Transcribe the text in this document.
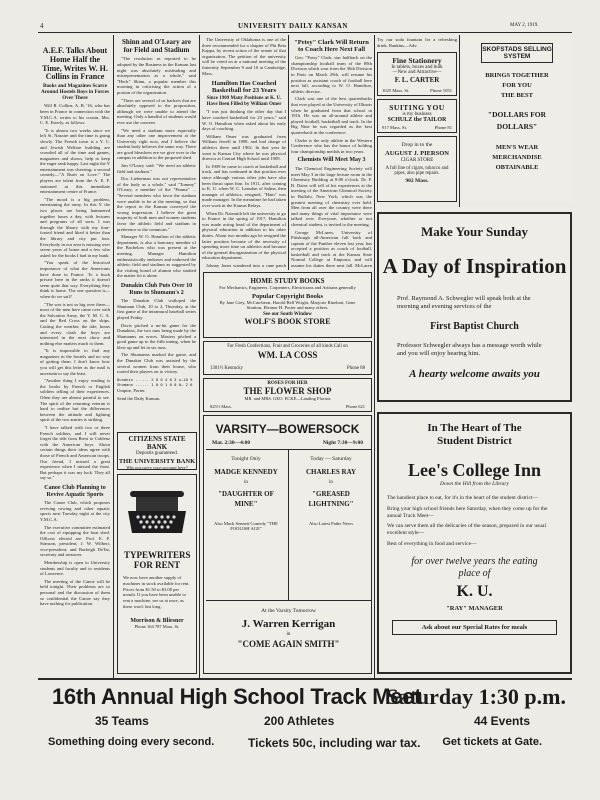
4	UNIVERSITY DAILY KANSAN	MAY 2, 1919.
A.E.F. Talks About Home Half the Time, Writes W. H. Collins in France
Books and Magazines Scarce Around Hostels Boys in Forces Over There

Will R. Collins, A. B. '16, who has been in France in connection with the Y.M.C.A. writes to his cousin, Mrs. C. E. Esterly, as follows:

"It is almost two weeks since we left St. Nazaire and the time is going slowly. The French town is a Y. C. and Jewish Welfare building are crowded all of the time and games, magazines and shows, help to keep the eager rank happy. Last night the Y entertainment was cheering; a second comedy—"A Rush on Love." The players are talent from the A. E. F. stationed at this immediate entertainment centre of France.

"The mood is a big problem, entertaining the army. In this Y. the two places are being hammered together hours a day, with lectures and programs of all sorts. I was through the library with my four-footed friend and liked it better than the library and city put four. Everybody in our area is missing over seven years of home and a few who asked for the books I had in my bunk.

"You speak of the historical importance of what the Americans have done in France. To a buck private here in the ranks it doesn't seem quite that way. Everything they think is home. The one question is—when do we sail?

"The war is not so big over there—most of the men here came over with the Salvation Army, the Y. M. C. A. and the Red Cross on the ships. Cutting the weather, the tide, hours and every clash the boys are interested in the next chow and nothing else matters much to them.

"It is impossible to find any magazines in the hostels and no way of getting them. I don't know how you will get this letter as the mail is uncertain to say the least.

"Another thing I enjoy reading is the books by French or English soldiers telling of their experiences. Often they are almost painful to see. The spirit of the returning veteran is hard to realize but the differences between the attitude and fighting spirit of the two armies is striking.

"I have talked with two or three French soldiers, and I will never forget the ride from Brest to Coblenz with the American boys. About certain things their ideas agree with those of French and American troops. Our friend, I missed a great experience when I missed the front. But perhaps it was my luck. They all say so."

Canoe Club Planning to Revive Aquatic Sports

The Canoe Club, which proposes reviving rowing and other aquatic sports next Tuesday night at the city Y.M.C.A.

The executive committee estimated the cost of equipping the boat shed. Officers elected are: Prof. E. F. Stimson, president; J. W. Wilbert, vice-president; and Burleigh DeTar, secretary and treasurer.

Membership is open to University students and faculty and to residents of Lawrence.

The meeting of the Canoe will be held tonight. Their problems are so personal and the discussion of them so confidential the Canoe say they have nothing for publication.

Shinn and O'Leary are for Field and Stadium

"The resolution as reported to be adopted by the Business in the Kansan last night was absolutely misleading and misrepresentation as a whole," said "Heck" Shinn, a popular member this morning in criticising the action of a portion of the organization.

"There are several of us backers that are absolutely opposed to the proposition, although we were unable to attend the meeting. Only a handful of students would ever use the concern.

"We need a stadium more especially than any other one improvement at the University right now, and I believe the student body believes the same way. There are good bleachers ere we give over to the campus in addition to the proposed shed.

Jim O'Leary said: "We need an athletic field and stadium."

Doc Lieberman was not representative of the body as a whole," said "Tommy" O'Leary, a member of the "Peanut" ... "Several members who favor the stadium were unable to be at the meeting, so that the report in the Kansan conveyed the wrong impression. I believe the great majority of both men and women students favor the athletic field and stadium in preference to the commons."

Manager W. O. Hamilton of the athletic department, is also a honorary member of the Bachelors who was present at the meeting. Manager Hamilton enthusiastically endorses and endorsed the athletic field and stadium as suggested by the visiting board of alumni who studied the matter for it alone.

Dunakin Club Puts Over 10 Runs to Shumann's 2

The Dunakin Club walloped the Shumann Club, 10 to 2, Thursday, at the first game of the intramural baseball series played Friday.

Davis pitched a no-hit game for the Dunakins, the two runs being made by the Shumanns on errors. Masters pitched a good game up to the fifth inning, when he blew up and let in six runs.

The Shumanns marked the game, and the Dunakin Club was assisted by the several women from their house, who rooted their players on to victory.

Dunakin ...... 2 0 0 4 0 3 x—10 9
Shumann ...... 1 0 0 1 0 0 0— 2 6
Umpire, Porter.
Send the Daily Kansan.
CITIZENS STATE BANK
Deposits guaranteed.
THE UNIVERSITY BANK
Why not carry your account here?
TYPEWRITERS FOR RENT
We now have another supply of machines in stock available for rent. Prices from $1.50 to $3.00 per month. If you have been unable to rent a machine, see us at once, as these won't last long.
Morrison & Bliesner
Phone 164 787 Mass. St.

The University of Oklahoma is one of the three recommended for a chapter of Phi Beta Kappa, by recent action of the senate of that organization. The petition of the university will be voted on at a national meeting of the fraternity September 9 and 10 at Cambridge, Mass.

Hamilton Has Coached Basketball for 23 Years
Since 1909 Many Positions at K. U. Have Been Filled by William Omer

"I was just thinking the other day that I have coached basketball for 23 years," said W. O. Hamilton when asked about his early days of coaching.

William Omer was graduated from William Jewell in 1898, and had charge of athletics there until 1902. In that year he went to Kansas City where he was physical director at Central High School until 1909.

In 1909 he came to coach at basketball and track, and has continued in that position ever since although various other jobs have also been thrust upon him. In 1911, after coming to K. U. when W. C. Lansdon of Salina, then manager of athletics, resigned, "Ham" was made manager. In the meantime he had taken over work in the Kansas Relays.

When Dr. Naismith left the university to go to France in the spring of 1917, Hamilton was made acting head of the department of physical education in addition to his other duties. About two months ago he resigned the latter position because of the necessity of spending more time on athletics and because of the general disorganization of the physical education department.

Johnny Jones wandered into a cane patch

"Petsy" Clark Will Return to Coach Here Next Fall

Geo. "Potsy" Clark, star halfback on the championship football team of the 89th Division which won from the 36th Division in Paris on March 29th, will resume his position as assistant coach of football here next fall, according to W. O. Hamilton, athletic director.

Clark was one of the best quarterbacks that ever played at the University of Illinois when he graduated from that school in 1916. He was an all-around athlete and played football, basketball and track. In the Big Nine he was regarded as the best quarterback in the conference.

Clarke is the only athlete in the Western Conference who has the honor of holding four championship medals in two years.

Chemists Will Meet May 3

The Chemical Engineering Society will meet May 3 in the large lecture room in the Chemistry Building at 8:00 o'clock. Dr. F. B. Dains will tell of his experiences at the meeting of the American Chemical Society in Buffalo, New York, which was the greatest meeting of chemistry ever held. Men from all over the country were there and many things of vital importance were talked over. Everyone, whether or not chemical student, is invited to the meeting.

George McLaren, University of Pittsburgh all-American full back and captain of the Panther eleven last year, has accepted a position as coach of football, basketball and track at the Kansas State Normal College at Emporia, and will assume his duties there next fall. McLaren

HOME STUDY BOOKS
For Mechanics, Engineers, Carpenters, Electricians and Artisans generally
Popular Copyright Books
By Jane Grey, McCutcheon, Harold Bell Wright, Marjorie Rinehart, Gene Stratton, Eleanor H. Porter and many others.
See our South Window
WOLF'S BOOK STORE
For Fresh Confections, Fruit and Groceries of all kinds Call on
WM. LA COSS
1301½ Kentucky	Phone 88
ROSES FOR HER
THE FLOWER SHOP
MR. and MRS. GEO. ECKE—Landing Florists
825½ Mass.	Phone 621
VARSITY—BOWERSOCK
Mat. 2:30—4:00	Night 7:30—9:00
Tonight Only
MADGE KENNEDY
in
"DAUGHTER OF MINE"
Also Mack Sennett Comedy "THE FOOLISH AGE"
Today — Saturday
CHARLES RAY
in
"GREASED LIGHTNING"
Also Latest Pathe News
At the Varsity Tomorrow
J. Warren Kerrigan
in
"COME AGAIN SMITH"
Try our soda fountain for a refreshing drink. Rankins—Adv.
Fine Stationery
In tablets, boxes and bulk
—New and Attractive—
F. L. CARTER
1025 Mass. St.	Phone 1051
SUITING YOU
is my business
SCHULZ the TAILOR
917 Mass. St.	Phone 81
Drop in to the
AUGUST J. PIERSON
CIGAR STORE
A full line of cigars, tobacco and pipes, also pipe repairs.
902 Mass.
SKOFSTADS SELLING SYSTEM
BRINGS TOGETHER
FOR YOU
THE BEST
"DOLLARS FOR DOLLARS"
MEN'S WEAR
MERCHANDISE
OBTAINABLE
Make Your Sunday
A Day of Inspiration
Prof. Raymond A. Schwegler will speak both at the morning and evening services of the
First Baptist Church
Professor Schwegler always has a message worth while and you will enjoy hearing him.
A hearty welcome awaits you
In The Heart of The
Student District
Lee's College Inn
Down the Hill from the Library
The handiest place to eat, for it's in the heart of the student district—
Bring your high school friends here Saturday, when they come up for the annual Track Meet—
We can serve them all the delicacies of the season, prepared in our usual excellent style—
Best of everything in food and service—
for over twelve years the eating place of
K. U.
"RAY" MANAGER
Ask about our Special Rates for meals
16th Annual High School Track Meet
Saturday 1:30 p.m.
35 Teams	200 Athletes	44 Events
Something doing every second.	Tickets 50c, including war tax. Get tickets at Gate.
